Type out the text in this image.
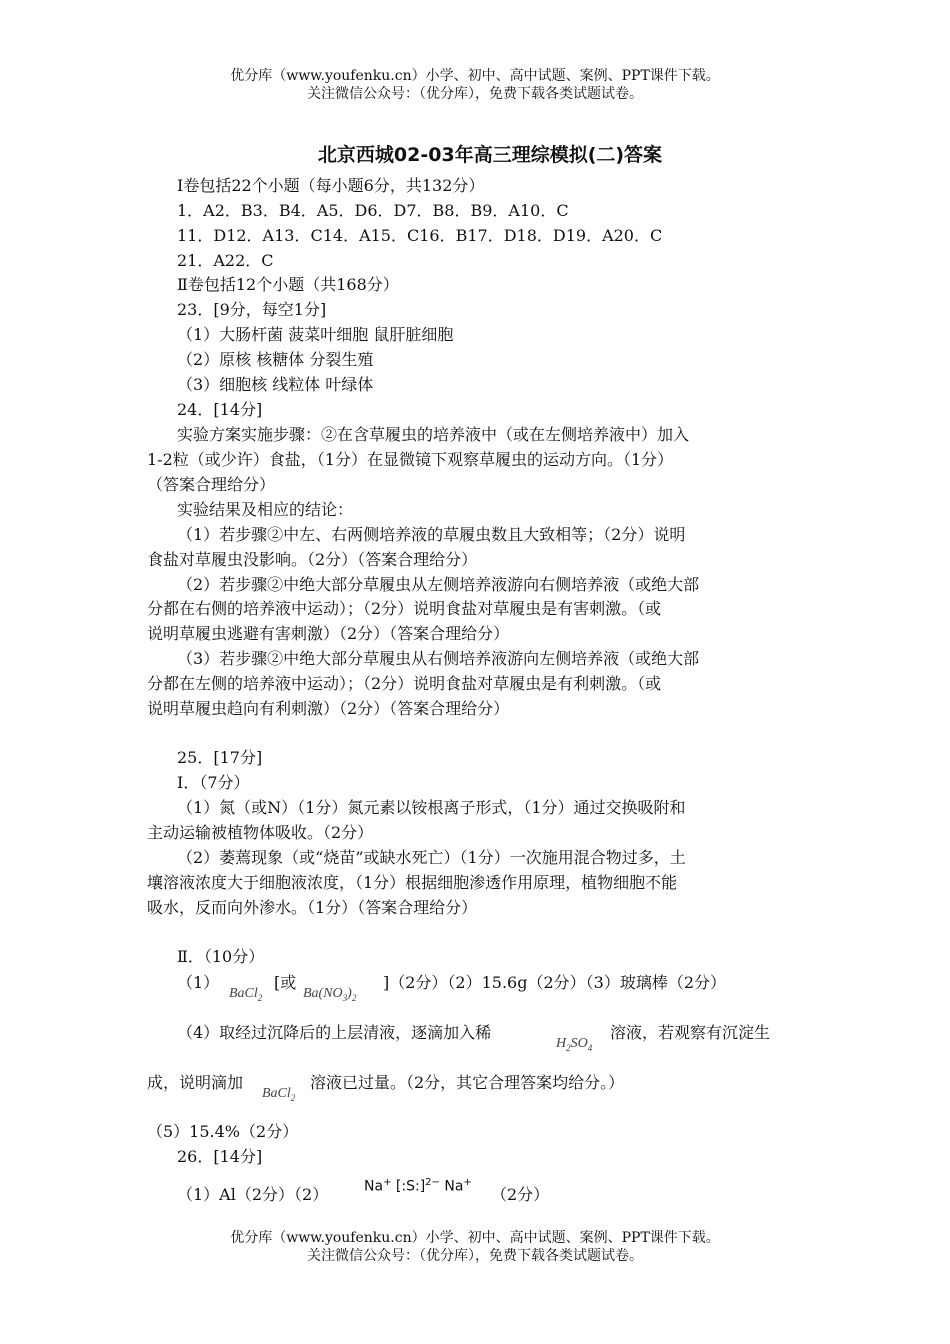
优分库（www.youfenku.cn）小学、初中、高中试题、案例、PPT课件下载。
关注微信公众号：（优分库），免费下载各类试题试卷。
北京西城02-03年高三理综模拟(二)答案
Ⅰ卷包括22个小题（每小题6分，共132分）
1．A2．B3．B4．A5．D6．D7．B8．B9．A10．C
11．D12．A13．C14．A15．C16．B17．D18．D19．A20．C
21．A22．C
Ⅱ卷包括12个小题（共168分）
23．[9分，每空1分]
（1）大肠杆菌 菠菜叶细胞 鼠肝脏细胞
（2）原核 核糖体 分裂生殖
（3）细胞核 线粒体 叶绿体
24．[14分]
实验方案实施步骤：②在含草履虫的培养液中（或在左侧培养液中）加入
1-2粒（或少许）食盐，（1分）在显微镜下观察草履虫的运动方向。（1分）
（答案合理给分）
实验结果及相应的结论：
（1）若步骤②中左、右两侧培养液的草履虫数且大致相等；（2分）说明
食盐对草履虫没影响。（2分）（答案合理给分）
（2）若步骤②中绝大部分草履虫从左侧培养液游向右侧培养液（或绝大部
分都在右侧的培养液中运动）；（2分）说明食盐对草履虫是有害刺激。（或
说明草履虫逃避有害刺激）（2分）（答案合理给分）
（3）若步骤②中绝大部分草履虫从右侧培养液游向左侧培养液（或绝大部
分都在左侧的培养液中运动）；（2分）说明食盐对草履虫是有利刺激。（或
说明草履虫趋向有利刺激）（2分）（答案合理给分）
25．[17分]
Ⅰ．（7分）
（1）氮（或N）（1分）氮元素以铵根离子形式，（1分）通过交换吸附和
主动运输被植物体吸收。（2分）
（2）萎蔫现象（或“烧苗”或缺水死亡）（1分）一次施用混合物过多，土
壤溶液浓度大于细胞液浓度，（1分）根据细胞渗透作用原理，植物细胞不能
吸水，反而向外渗水。（1分）（答案合理给分）
Ⅱ．（10分）
（1）
BaCl$_2$
[或
$Ba(NO_3)_2$
]（2分）（2）15.6g（2分）（3）玻璃棒（2分）
（4）取经过沉降后的上层清液，逐滴加入稀
$H_2SO_4$
溶液，若观察有沉淀生
成，说明滴加
BaCl$_2$
溶液已过量。（2分，其它合理答案均给分。）
（5）15.4%（2分）
26．[14分]
（1）Al（2分）（2）	Na+ [:S:]$^{2-}$ Na+
（2分）
优分库（www.youfenku.cn）小学、初中、高中试题、案例、PPT课件下载。
关注微信公众号：（优分库），免费下载各类试题试卷。
